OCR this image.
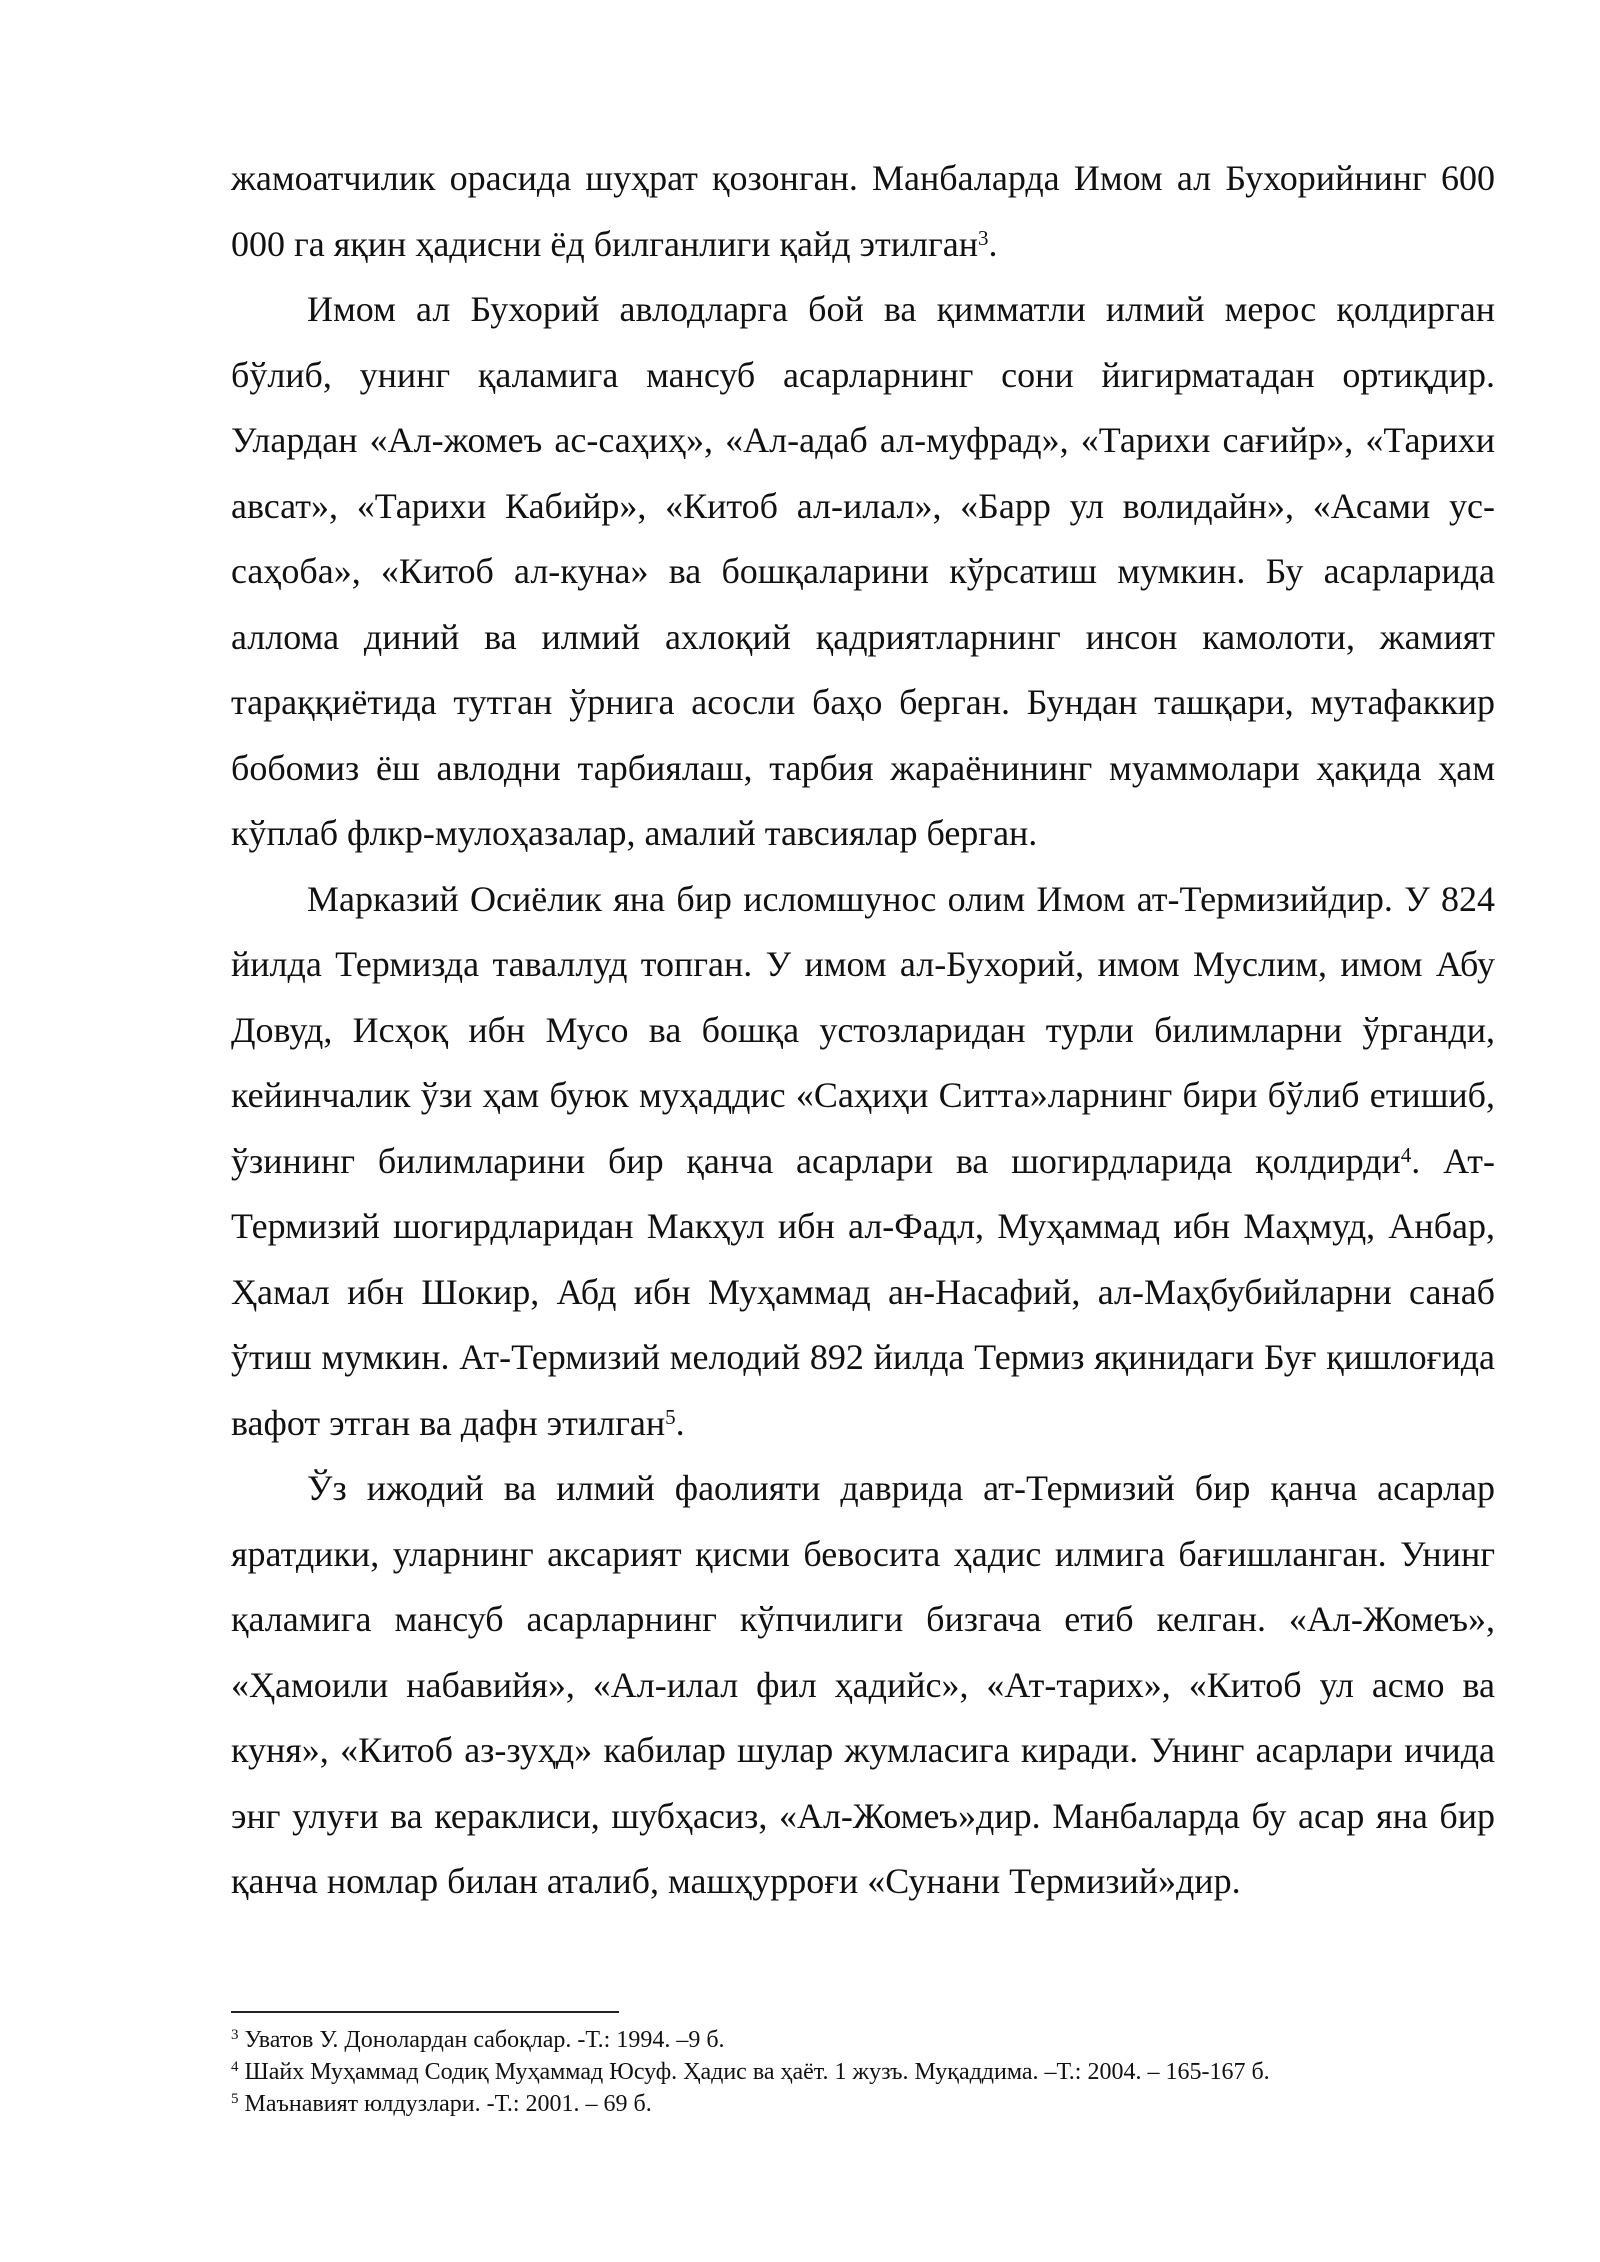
жамоатчилик орасида шуҳрат қозонган. Манбаларда Имом ал Бухорийнинг 600 000 га яқин ҳадисни ёд билганлиги қайд этилган$^3$.

Имом ал Бухорий авлодларга бой ва қимматли илмий мерос қолдирган бўлиб, унинг қаламига мансуб асарларнинг сони йигирматадан ортиқдир. Улардан «Ал-жомеъ ас-саҳиҳ», «Ал-адаб ал-муфрад», «Тарихи сағийр», «Тарихи авсат», «Тарихи Кабийр», «Китоб ал-илал», «Барр ул волидайн», «Асами ус-саҳоба», «Китоб ал-куна» ва бошқаларини кўрсатиш мумкин. Бу асарларида аллома диний ва илмий ахлоқий қадриятларнинг инсон камолоти, жамият тараққиётида тутган ўрнига асосли баҳо берган. Бундан ташқари, мутафаккир бобомиз ёш авлодни тарбиялаш, тарбия жараёнининг муаммолари ҳақида ҳам кўплаб флкр-мулоҳазалар, амалий тавсиялар берган.

Марказий Осиёлик яна бир исломшунос олим Имом ат-Термизийдир. У 824 йилда Термизда таваллуд топган. У имом ал-Бухорий, имом Муслим, имом Абу Довуд, Исҳоқ ибн Мусо ва бошқа устозларидан турли билимларни ўрганди, кейинчалик ўзи ҳам буюк муҳаддис «Саҳиҳи Ситта»ларнинг бири бўлиб етишиб, ўзининг билимларини бир қанча асарлари ва шогирдларида қолдирди$^4$. Ат-Термизий шогирдларидан Макҳул ибн ал-Фадл, Муҳаммад ибн Маҳмуд, Анбар, Ҳамал ибн Шокир, Абд ибн Муҳаммад ан-Насафий, ал-Маҳбубийларни санаб ўтиш мумкин. Ат-Термизий мелодий 892 йилда Термиз яқинидаги Буғ қишлоғида вафот этган ва дафн этилган$^5$.

Ўз ижодий ва илмий фаолияти даврида ат-Термизий бир қанча асарлар яратдики, уларнинг аксарият қисми бевосита ҳадис илмига бағишланган. Унинг қаламига мансуб асарларнинг кўпчилиги бизгача етиб келган. «Ал-Жомеъ», «Ҳамоили набавийя», «Ал-илал фил ҳадийс», «Ат-тарих», «Китоб ул асмо ва куня», «Китоб аз-зуҳд» кабилар шулар жумласига киради. Унинг асарлари ичида энг улуғи ва кераклиси, шубҳасиз, «Ал-Жомеъ»дир. Манбаларда бу асар яна бир қанча номлар билан аталиб, машҳурроғи «Сунани Термизий»дир.

$^3$ Уватов У. Донолардан сабоқлар. -Т.: 1994. –9 б.

$^4$ Шайх Муҳаммад Содиқ Муҳаммад Юсуф. Ҳадис ва ҳаёт. 1 жузъ. Муқаддима. –Т.: 2004. – 165-167 б.

$^5$ Маънавият юлдузлари. -Т.: 2001. – 69 б.
